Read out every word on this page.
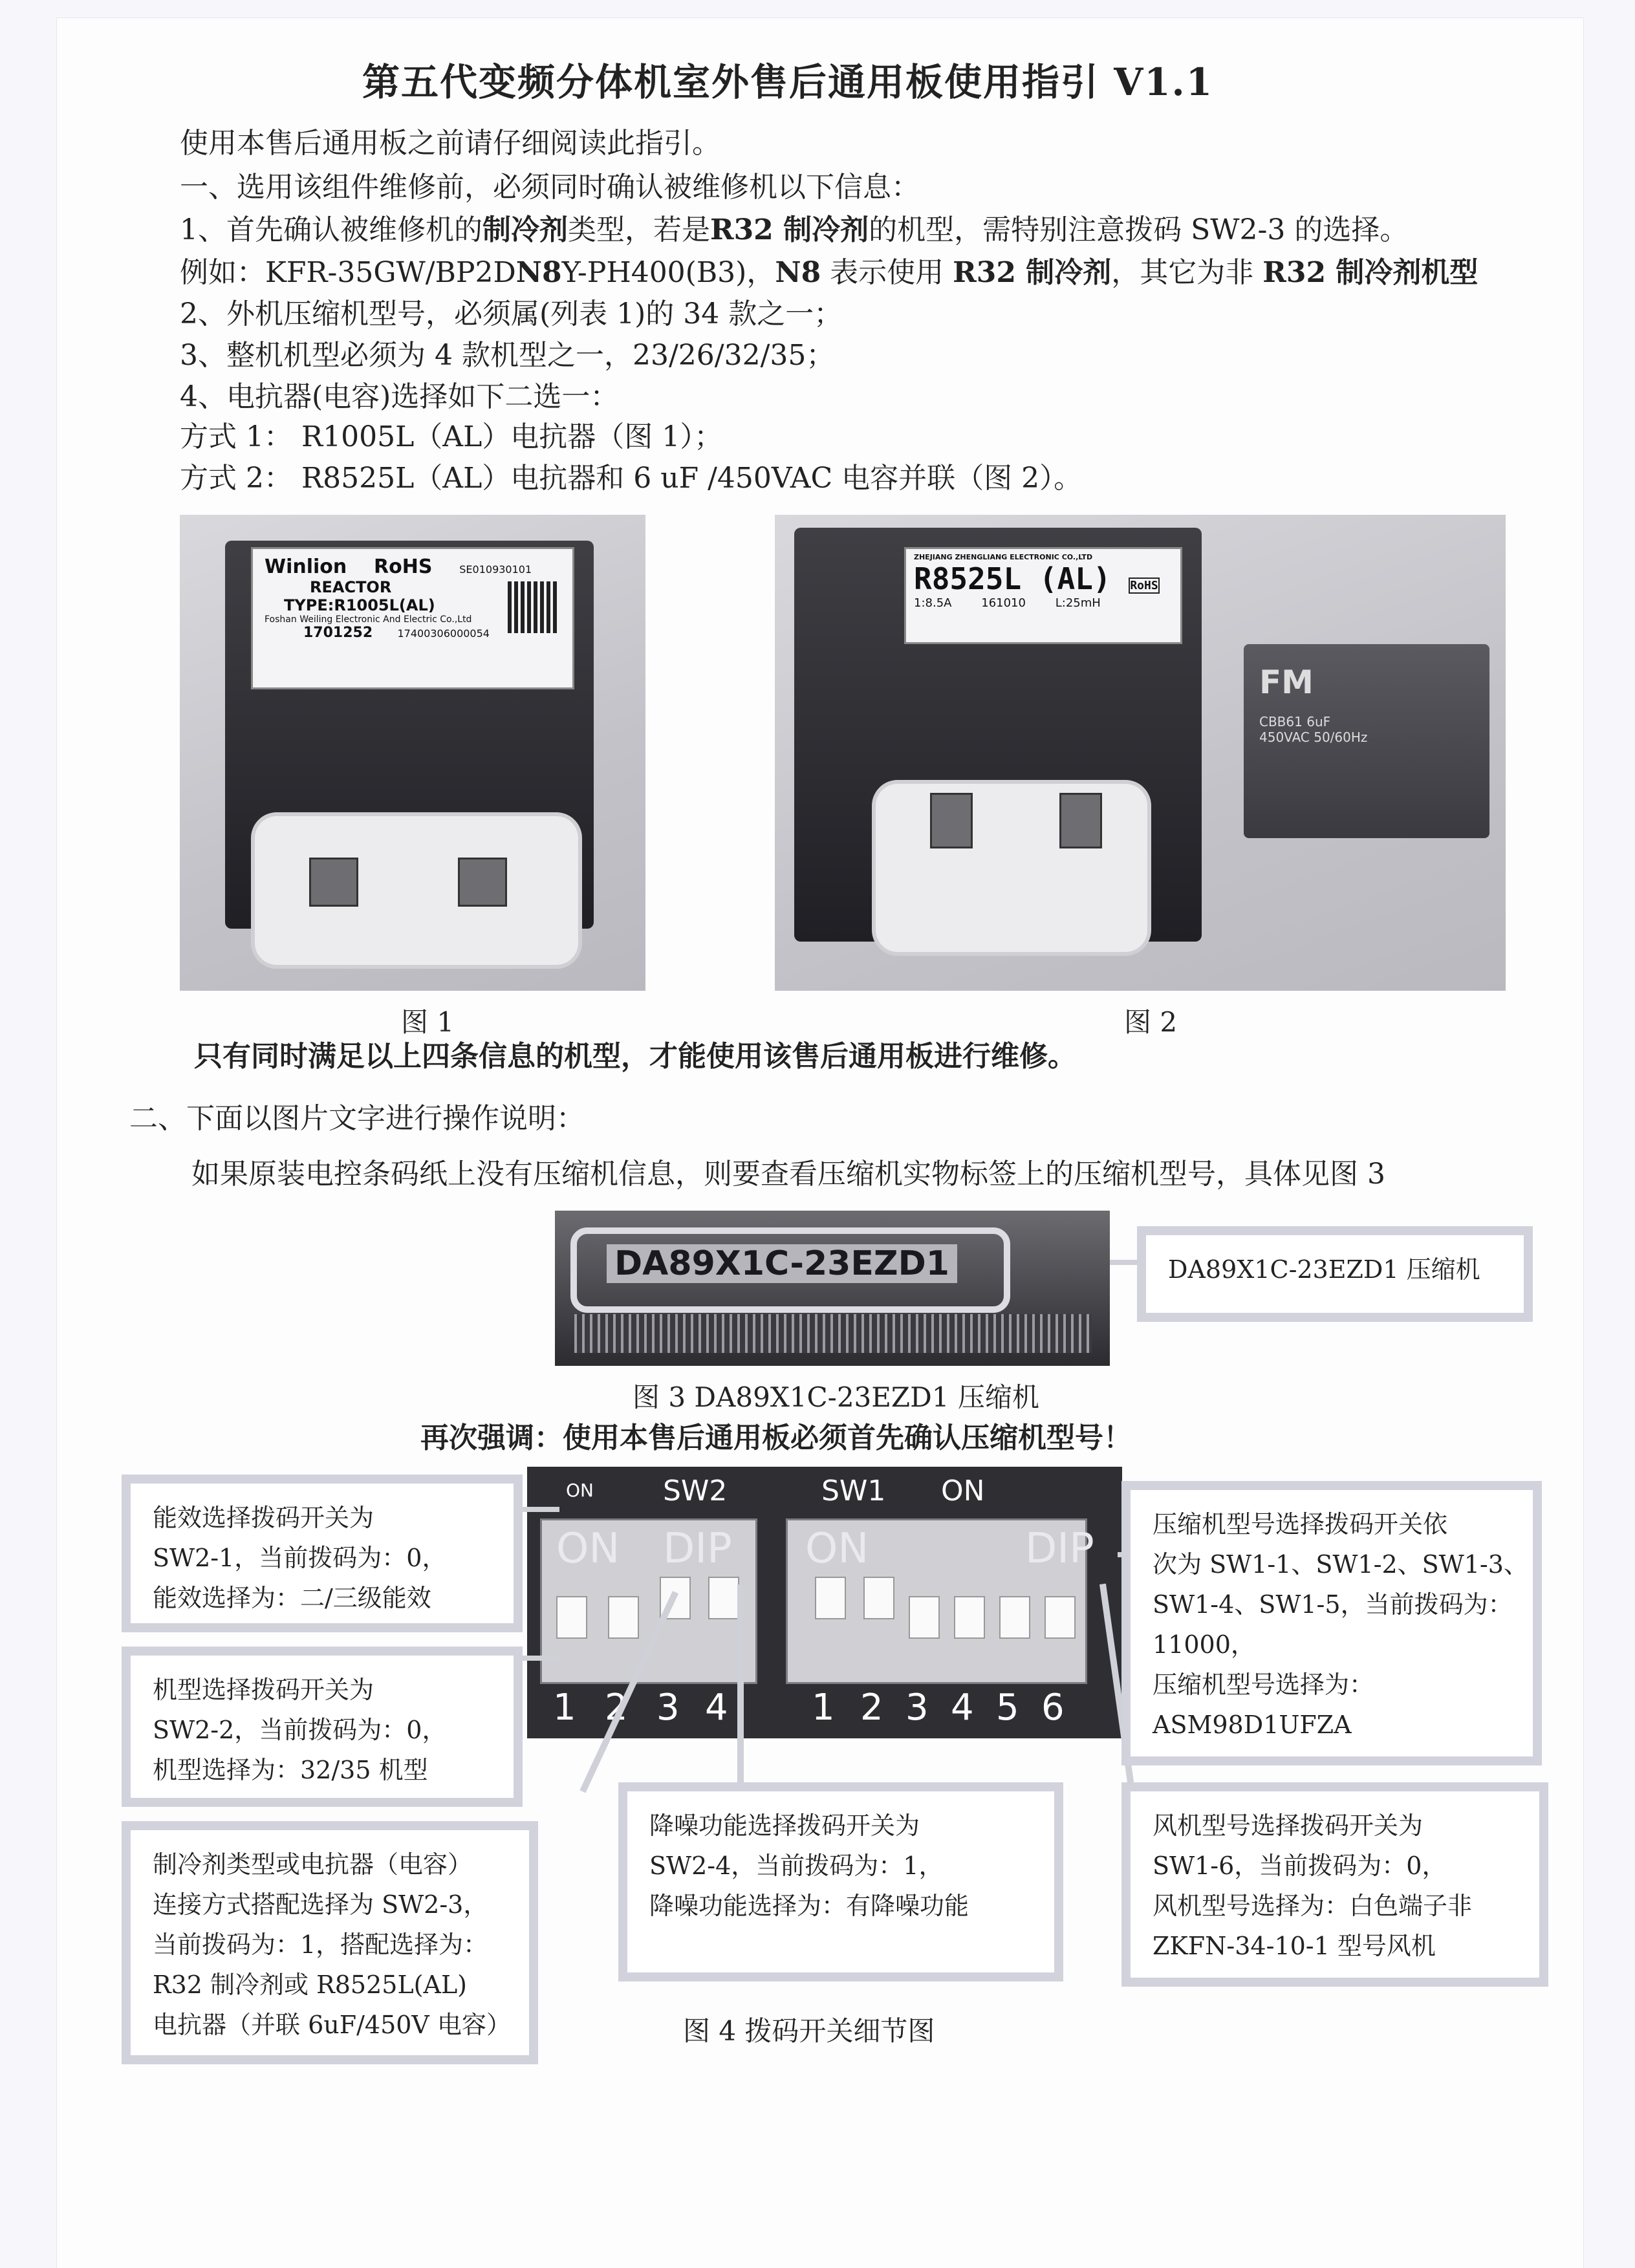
第五代变频分体机室外售后通用板使用指引 V1.1
使用本售后通用板之前请仔细阅读此指引。
一、选用该组件维修前，必须同时确认被维修机以下信息：
1、首先确认被维修机的制冷剂类型，若是R32 制冷剂的机型，需特别注意拨码 SW2-3 的选择。
例如：KFR-35GW/BP2DN8Y-PH400(B3)，N8 表示使用 R32 制冷剂，其它为非 R32 制冷剂机型
2、外机压缩机型号，必须属(列表 1)的 34 款之一；
3、整机机型必须为 4 款机型之一，23/26/32/35；
4、电抗器(电容)选择如下二选一：
方式 1： R1005L（AL）电抗器（图 1）；
方式 2： R8525L（AL）电抗器和 6 uF /450VAC 电容并联（图 2）。
Winlion RoHS	SE010930101
REACTOR
TYPE:R1005L(AL)
Foshan Weiling Electronic And Electric Co.,Ltd
1701252 17400306000054
图 1
ZHEJIANG ZHENGLIANG ELECTRONIC CO.,LTD
R8525L (AL) RoHS
1:8.5A	161010	L:25mH
FM
CBB61 6uF
450VAC 50/60Hz
图 2
只有同时满足以上四条信息的机型，才能使用该售后通用板进行维修。
二、下面以图片文字进行操作说明：
如果原装电控条码纸上没有压缩机信息，则要查看压缩机实物标签上的压缩机型号，具体见图 3
DA89X1C-23EZD1	DA89X1C-23EZD1 压缩机
图 3 DA89X1C-23EZD1 压缩机
再次强调：使用本售后通用板必须首先确认压缩机型号！
ON SW2
ON DIP
SW1 ON
ON	DIP
1 2 3 4 1 2 3 4 5 6
能效选择拨码开关为
SW2-1，当前拨码为：0，
能效选择为：二/三级能效
机型选择拨码开关为
SW2-2，当前拨码为：0，
机型选择为：32/35 机型
制冷剂类型或电抗器（电容）
连接方式搭配选择为 SW2-3，
当前拨码为：1，搭配选择为：
R32 制冷剂或 R8525L(AL)
电抗器（并联 6uF/450V 电容）
降噪功能选择拨码开关为
SW2-4，当前拨码为：1，
降噪功能选择为：有降噪功能
压缩机型号选择拨码开关依
次为 SW1-1、SW1-2、SW1-3、
SW1-4、SW1-5，当前拨码为：
11000，
压缩机型号选择为：
ASM98D1UFZA
风机型号选择拨码开关为
SW1-6，当前拨码为：0，
风机型号选择为：白色端子非
ZKFN-34-10-1 型号风机
图 4 拨码开关细节图
